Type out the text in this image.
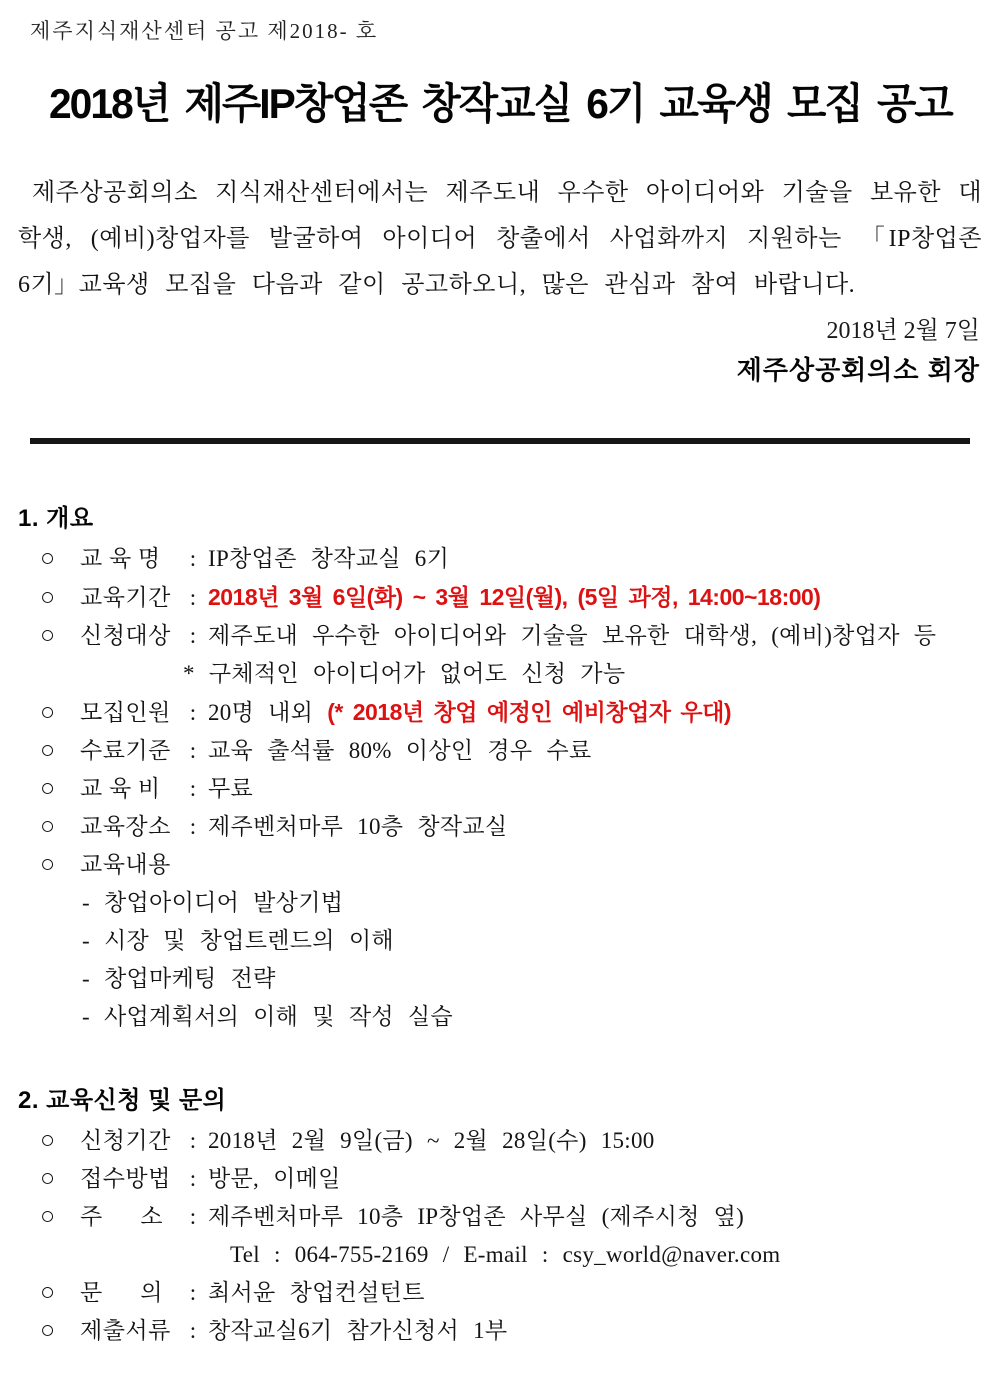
제주지식재산센터 공고 제2018- 호
2018년 제주IP창업존 창작교실 6기 교육생 모집 공고
제주상공회의소 지식재산센터에서는 제주도내 우수한 아이디어와 기술을 보유한 대학생, (예비)창업자를 발굴하여 아이디어 창출에서 사업화까지 지원하는 「IP창업존 6기」교육생 모집을 다음과 같이 공고하오니, 많은 관심과 참여 바랍니다.
2018년 2월 7일
제주상공회의소 회장
1. 개요
○	교 육 명	: IP창업존 창작교실 6기
○	교육기간 : 2018년 3월 6일(화) ~ 3월 12일(월), (5일 과정, 14:00~18:00)
○	신청대상 : 제주도내 우수한 아이디어와 기술을 보유한 대학생, (예비)창업자 등
* 구체적인 아이디어가 없어도 신청 가능
○	모집인원 : 20명 내외 (* 2018년 창업 예정인 예비창업자 우대)
○	수료기준 : 교육 출석률 80% 이상인 경우 수료
○	교 육 비	: 무료
○	교육장소 : 제주벤처마루 10층 창작교실
○	교육내용
- 창업아이디어 발상기법
- 시장 및 창업트렌드의 이해
- 창업마케팅 전략
- 사업계획서의 이해 및 작성 실습
2. 교육신청 및 문의
○	신청기간 : 2018년 2월 9일(금) ~ 2월 28일(수) 15:00
○	접수방법 : 방문, 이메일
○	주      소	: 제주벤처마루 10층 IP창업존 사무실 (제주시청 옆)
Tel : 064-755-2169 / E-mail : csy_world@naver.com
○	문      의	: 최서윤 창업컨설턴트
○	제출서류 : 창작교실6기 참가신청서 1부
